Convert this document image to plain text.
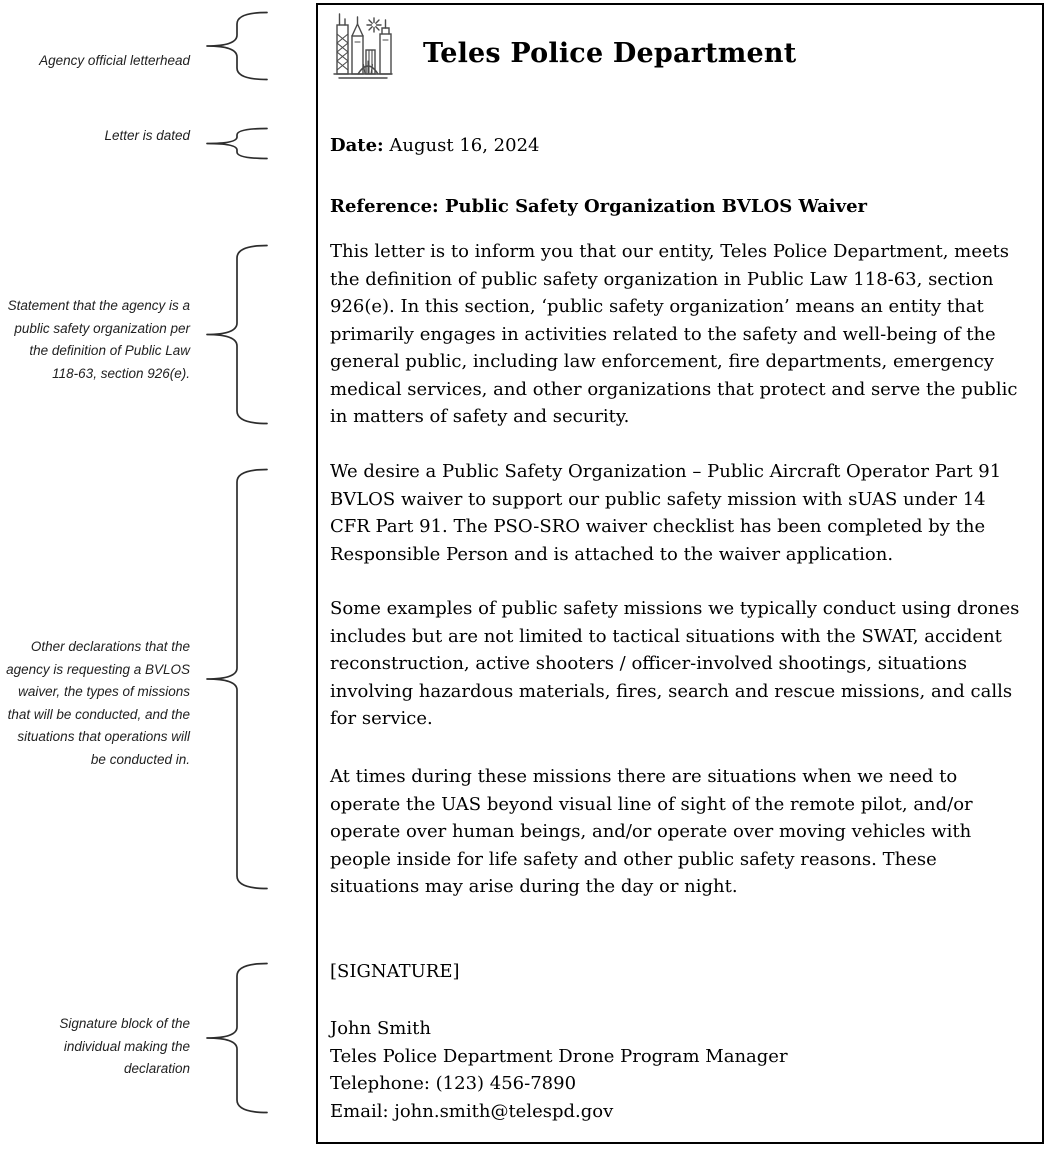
Agency official letterhead
Letter is dated
Statement that the agency is a public safety organization per the definition of Public Law 118-63, section 926(e).
Other declarations that the agency is requesting a BVLOS waiver, the types of missions that will be conducted, and the situations that operations will be conducted in.
Signature block of the individual making the declaration
Teles Police Department

Date: August 16, 2024

Reference: Public Safety Organization BVLOS Waiver

This letter is to inform you that our entity, Teles Police Department, meets the definition of public safety organization in Public Law 118-63, section 926(e). In this section, ‘public safety organization’ means an entity that primarily engages in activities related to the safety and well-being of the general public, including law enforcement, fire departments, emergency medical services, and other organizations that protect and serve the public in matters of safety and security.

We desire a Public Safety Organization – Public Aircraft Operator Part 91 BVLOS waiver to support our public safety mission with sUAS under 14 CFR Part 91. The PSO-SRO waiver checklist has been completed by the Responsible Person and is attached to the waiver application.

Some examples of public safety missions we typically conduct using drones includes but are not limited to tactical situations with the SWAT, accident reconstruction, active shooters / officer-involved shootings, situations involving hazardous materials, fires, search and rescue missions, and calls for service.

At times during these missions there are situations when we need to operate the UAS beyond visual line of sight of the remote pilot, and/or operate over human beings, and/or operate over moving vehicles with people inside for life safety and other public safety reasons. These situations may arise during the day or night.

[SIGNATURE]

John Smith
Teles Police Department Drone Program Manager
Telephone: (123) 456-7890
Email: john.smith@telespd.gov
